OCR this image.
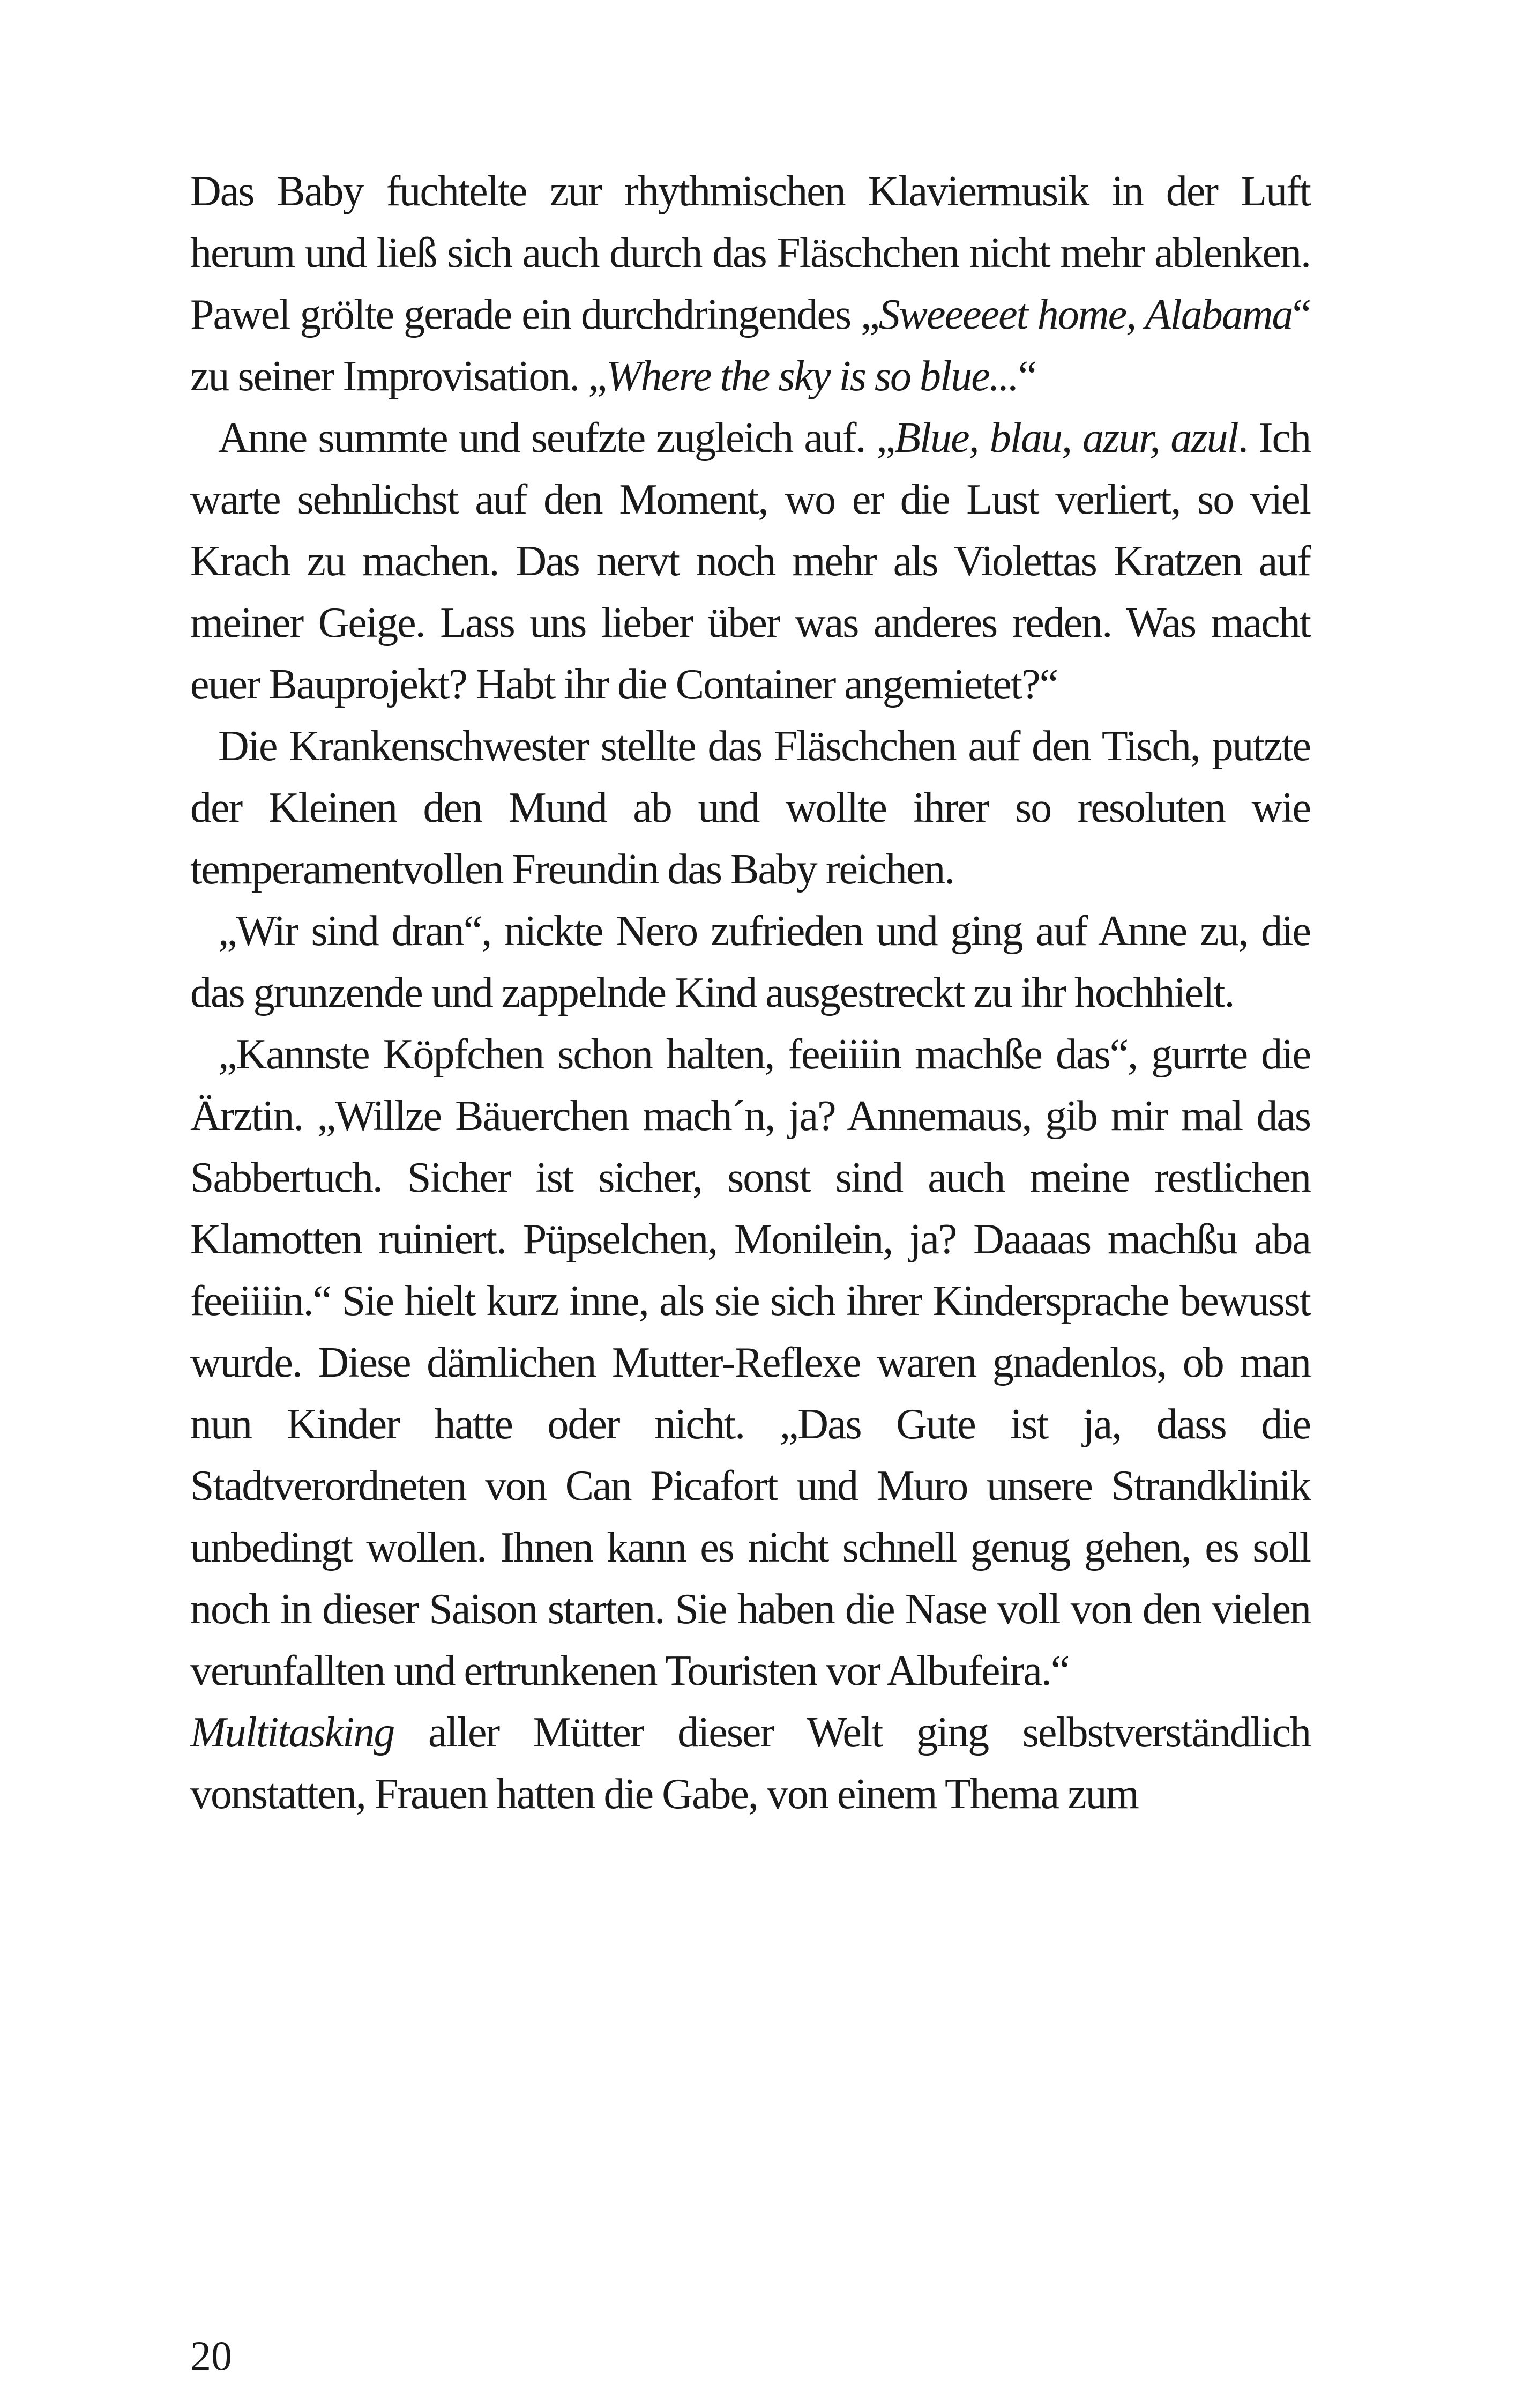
Das Baby fuchtelte zur rhythmischen Klaviermusik in der Luft herum und ließ sich auch durch das Fläschchen nicht mehr ablenken. Pawel grölte gerade ein durchdringendes „Sweeeeet home, Alabama“ zu seiner Improvisation. „Where the sky is so blue...“

Anne summte und seufzte zugleich auf. „Blue, blau, azur, azul. Ich warte sehnlichst auf den Moment, wo er die Lust verliert, so viel Krach zu machen. Das nervt noch mehr als Violettas Kratzen auf meiner Geige. Lass uns lieber über was anderes reden. Was macht euer Bauprojekt? Habt ihr die Container angemietet?“

Die Krankenschwester stellte das Fläschchen auf den Tisch, putzte der Kleinen den Mund ab und wollte ihrer so resoluten wie temperamentvollen Freundin das Baby reichen.

„Wir sind dran“, nickte Nero zufrieden und ging auf Anne zu, die das grunzende und zappelnde Kind ausgestreckt zu ihr hochhielt.

„Kannste Köpfchen schon halten, feeiiiin machße das“, gurrte die Ärztin. „Willze Bäuerchen mach´n, ja? Annemaus, gib mir mal das Sabbertuch. Sicher ist sicher, sonst sind auch meine restlichen Klamotten ruiniert. Püpselchen, Monilein, ja? Daaaas machßu aba feeiiiin.“ Sie hielt kurz inne, als sie sich ihrer Kindersprache bewusst wurde. Diese dämlichen Mutter-Reflexe waren gnadenlos, ob man nun Kinder hatte oder nicht. „Das Gute ist ja, dass die Stadtverordneten von Can Picafort und Muro unsere Strandklinik unbedingt wollen. Ihnen kann es nicht schnell genug gehen, es soll noch in dieser Saison starten. Sie haben die Nase voll von den vielen verunfallten und ertrunkenen Touristen vor Albufeira.“

Multitasking aller Mütter dieser Welt ging selbstverständlich vonstatten, Frauen hatten die Gabe, von einem Thema zum

20
